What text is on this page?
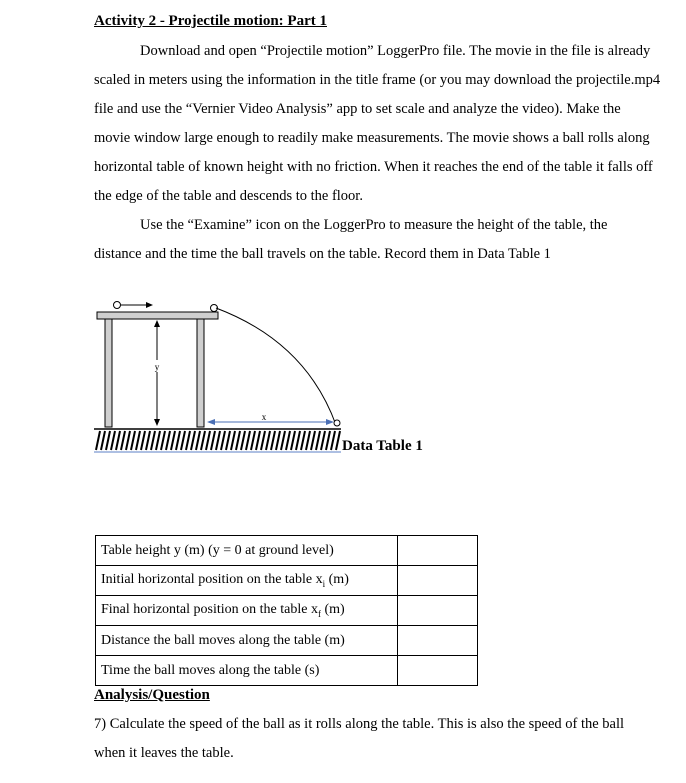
Activity 2 - Projectile motion: Part 1
Download and open “Projectile motion” LoggerPro file. The movie in the file is already
scaled in meters using the information in the title frame (or you may download the projectile.mp4
file and use the “Vernier Video Analysis” app to set scale and analyze the video). Make the
movie window large enough to readily make measurements. The movie shows a ball rolls along
horizontal table of known height with no friction. When it reaches the end of the table it falls off
the edge of the table and descends to the floor.
Use the “Examine” icon on the LoggerPro to measure the height of the table, the
distance and the time the ball travels on the table. Record them in Data Table 1
y
x
Data Table 1
Table height y (m) (y = 0 at ground level)	
Initial horizontal position on the table $x_i$ (m)	
Final horizontal position on the table $x_f$ (m)	
Distance the ball moves along the table (m)	
Time the ball moves along the table (s)	
Analysis/Question
7) Calculate the speed of the ball as it rolls along the table. This is also the speed of the ball
when it leaves the table.
